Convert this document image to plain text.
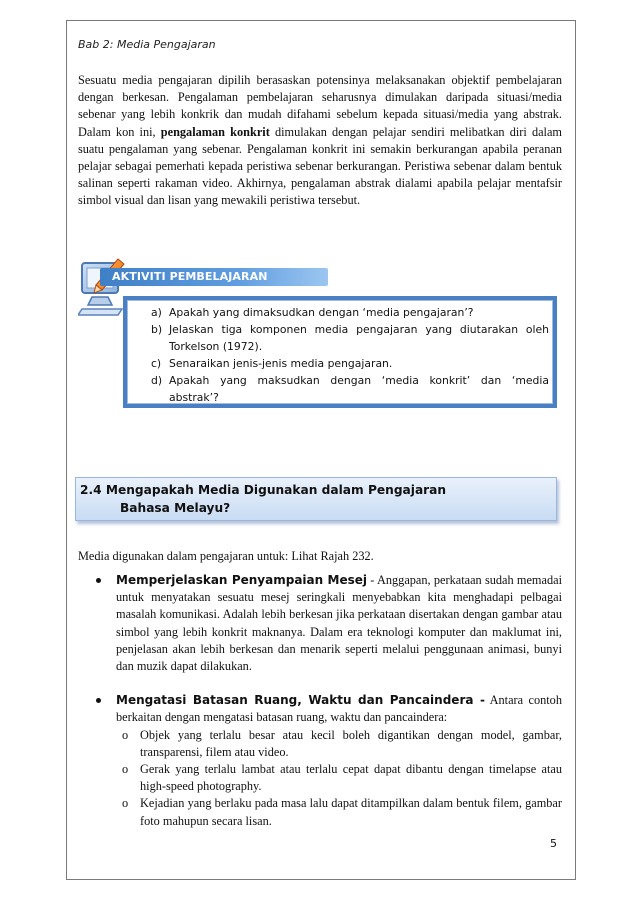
Bab 2: Media Pengajaran

Sesuatu media pengajaran dipilih berasaskan potensinya melaksanakan objektif pembelajaran dengan berkesan. Pengalaman pembelajaran seharusnya dimulakan daripada situasi/media sebenar yang lebih konkrik dan mudah difahami sebelum kepada situasi/media yang abstrak. Dalam kon ini, pengalaman konkrit dimulakan dengan pelajar sendiri melibatkan diri dalam suatu pengalaman yang sebenar. Pengalaman konkrit ini semakin berkurangan apabila peranan pelajar sebagai pemerhati kepada peristiwa sebenar berkurangan. Peristiwa sebenar dalam bentuk salinan seperti rakaman video. Akhirnya, pengalaman abstrak dialami apabila pelajar mentafsir simbol visual dan lisan yang mewakili peristiwa tersebut.

AKTIVITI PEMBELAJARAN
a) Apakah yang dimaksudkan dengan ‘media pengajaran’?
b) Jelaskan tiga komponen media pengajaran yang diutarakan oleh Torkelson (1972).
c) Senaraikan jenis-jenis media pengajaran.
d) Apakah yang maksudkan dengan ‘media konkrit’ dan ‘media abstrak’?
2.4 Mengapakah Media Digunakan dalam Pengajaran
Bahasa Melayu?

Media digunakan dalam pengajaran untuk: Lihat Rajah 232.

Memperjelaskan Penyampaian Mesej - Anggapan, perkataan sudah memadai untuk menyatakan sesuatu mesej seringkali menyebabkan kita menghadapi pelbagai masalah komunikasi. Adalah lebih berkesan jika perkataan disertakan dengan gambar atau simbol yang lebih konkrit maknanya. Dalam era teknologi komputer dan maklumat ini, penjelasan akan lebih berkesan dan menarik seperti melalui penggunaan animasi, bunyi dan muzik dapat dilakukan.
Mengatasi Batasan Ruang, Waktu dan Pancaindera - Antara contoh berkaitan dengan mengatasi batasan ruang, waktu dan pancaindera:
o Objek yang terlalu besar atau kecil boleh digantikan dengan model, gambar, transparensi, filem atau video.
o Gerak yang terlalu lambat atau terlalu cepat dapat dibantu dengan timelapse atau high-speed photography.
o Kejadian yang berlaku pada masa lalu dapat ditampilkan dalam bentuk filem, gambar foto mahupun secara lisan.
5
